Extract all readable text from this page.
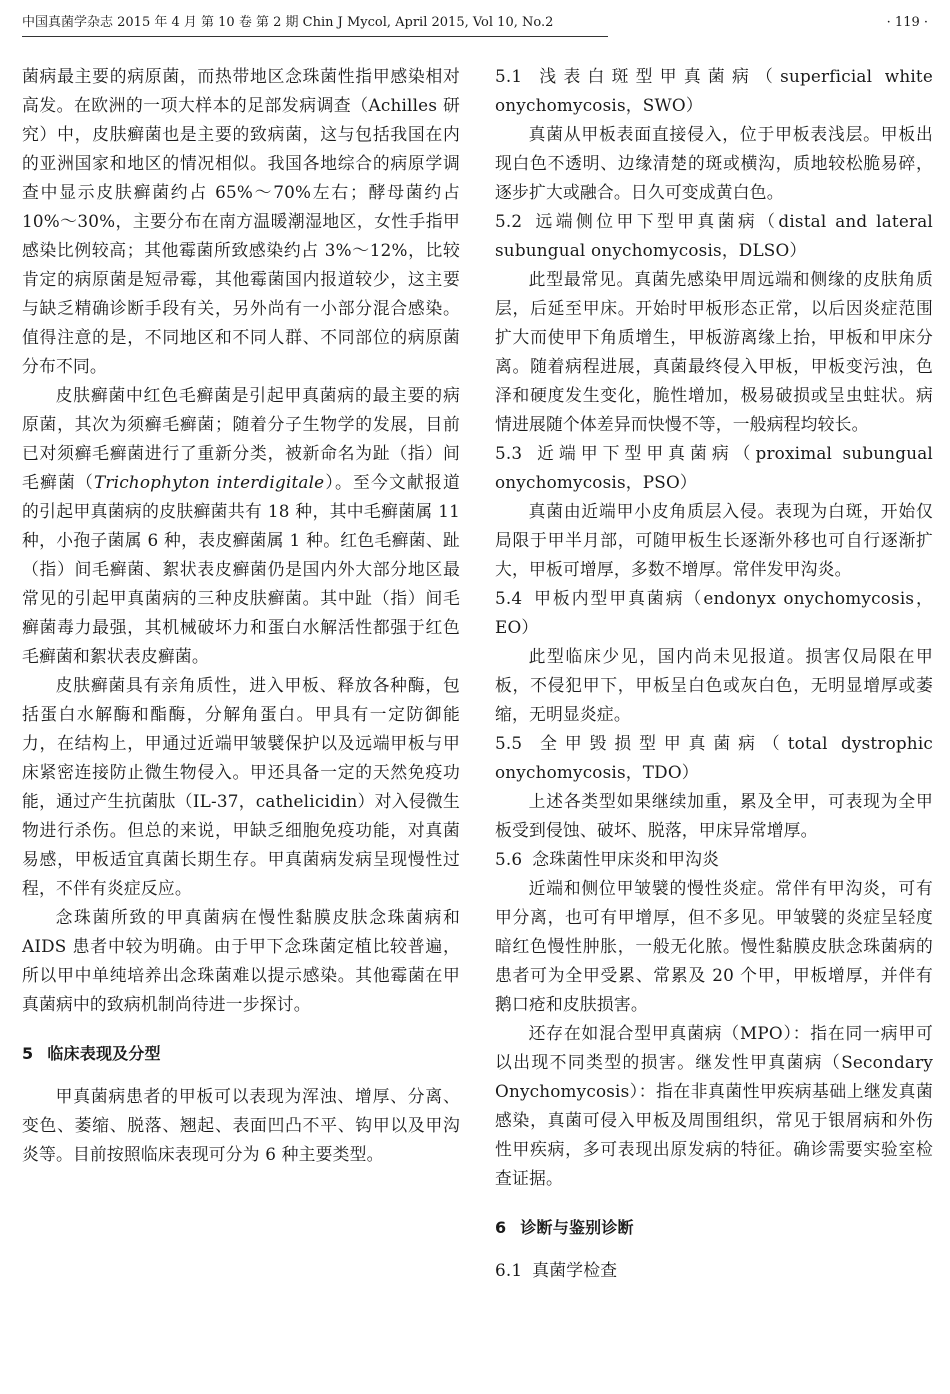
中国真菌学杂志 2015 年 4 月 第 10 卷 第 2 期 Chin J Mycol, April 2015, Vol 10, No.2	· 119 ·

菌病最主要的病原菌，而热带地区念珠菌性指甲感染相对高发。在欧洲的一项大样本的足部发病调查（Achilles 研究）中，皮肤癣菌也是主要的致病菌，这与包括我国在内的亚洲国家和地区的情况相似。我国各地综合的病原学调查中显示皮肤癣菌约占 65%～70%左右；酵母菌约占 10%～30%，主要分布在南方温暖潮湿地区，女性手指甲感染比例较高；其他霉菌所致感染约占 3%～12%，比较肯定的病原菌是短帚霉，其他霉菌国内报道较少，这主要与缺乏精确诊断手段有关，另外尚有一小部分混合感染。值得注意的是，不同地区和不同人群、不同部位的病原菌分布不同。

皮肤癣菌中红色毛癣菌是引起甲真菌病的最主要的病原菌，其次为须癣毛癣菌；随着分子生物学的发展，目前已对须癣毛癣菌进行了重新分类，被新命名为趾（指）间毛癣菌（Trichophyton interdigitale）。至今文献报道的引起甲真菌病的皮肤癣菌共有 18 种，其中毛癣菌属 11 种，小孢子菌属 6 种，表皮癣菌属 1 种。红色毛癣菌、趾（指）间毛癣菌、絮状表皮癣菌仍是国内外大部分地区最常见的引起甲真菌病的三种皮肤癣菌。其中趾（指）间毛癣菌毒力最强，其机械破坏力和蛋白水解活性都强于红色毛癣菌和絮状表皮癣菌。

皮肤癣菌具有亲角质性，进入甲板、释放各种酶，包括蛋白水解酶和酯酶，分解角蛋白。甲具有一定防御能力，在结构上，甲通过近端甲皱襞保护以及远端甲板与甲床紧密连接防止微生物侵入。甲还具备一定的天然免疫功能，通过产生抗菌肽（IL-37，cathelicidin）对入侵微生物进行杀伤。但总的来说，甲缺乏细胞免疫功能，对真菌易感，甲板适宜真菌长期生存。甲真菌病发病呈现慢性过程，不伴有炎症反应。

念珠菌所致的甲真菌病在慢性黏膜皮肤念珠菌病和 AIDS 患者中较为明确。由于甲下念珠菌定植比较普遍，所以甲中单纯培养出念珠菌难以提示感染。其他霉菌在甲真菌病中的致病机制尚待进一步探讨。

5 临床表现及分型

甲真菌病患者的甲板可以表现为浑浊、增厚、分离、变色、萎缩、脱落、翘起、表面凹凸不平、钩甲以及甲沟炎等。目前按照临床表现可分为 6 种主要类型。

5.1 浅表白斑型甲真菌病（superficial white onychomycosis，SWO）

真菌从甲板表面直接侵入，位于甲板表浅层。甲板出现白色不透明、边缘清楚的斑或横沟，质地较松脆易碎，逐步扩大或融合。日久可变成黄白色。

5.2 远端侧位甲下型甲真菌病（distal and lateral subungual onychomycosis，DLSO）

此型最常见。真菌先感染甲周远端和侧缘的皮肤角质层，后延至甲床。开始时甲板形态正常，以后因炎症范围扩大而使甲下角质增生，甲板游离缘上抬，甲板和甲床分离。随着病程进展，真菌最终侵入甲板，甲板变污浊，色泽和硬度发生变化，脆性增加，极易破损或呈虫蛀状。病情进展随个体差异而快慢不等，一般病程均较长。

5.3 近端甲下型甲真菌病（proximal subungual onychomycosis，PSO）

真菌由近端甲小皮角质层入侵。表现为白斑，开始仅局限于甲半月部，可随甲板生长逐渐外移也可自行逐渐扩大，甲板可增厚，多数不增厚。常伴发甲沟炎。

5.4 甲板内型甲真菌病（endonyx onychomycosis，EO）

此型临床少见，国内尚未见报道。损害仅局限在甲板，不侵犯甲下，甲板呈白色或灰白色，无明显增厚或萎缩，无明显炎症。

5.5 全甲毁损型甲真菌病（total dystrophic onychomycosis，TDO）

上述各类型如果继续加重，累及全甲，可表现为全甲板受到侵蚀、破坏、脱落，甲床异常增厚。

5.6 念珠菌性甲床炎和甲沟炎

近端和侧位甲皱襞的慢性炎症。常伴有甲沟炎，可有甲分离，也可有甲增厚，但不多见。甲皱襞的炎症呈轻度暗红色慢性肿胀，一般无化脓。慢性黏膜皮肤念珠菌病的患者可为全甲受累、常累及 20 个甲，甲板增厚，并伴有鹅口疮和皮肤损害。

还存在如混合型甲真菌病（MPO）：指在同一病甲可以出现不同类型的损害。继发性甲真菌病（Secondary Onychomycosis）：指在非真菌性甲疾病基础上继发真菌感染，真菌可侵入甲板及周围组织，常见于银屑病和外伤性甲疾病，多可表现出原发病的特征。确诊需要实验室检查证据。

6 诊断与鉴别诊断

6.1 真菌学检查
